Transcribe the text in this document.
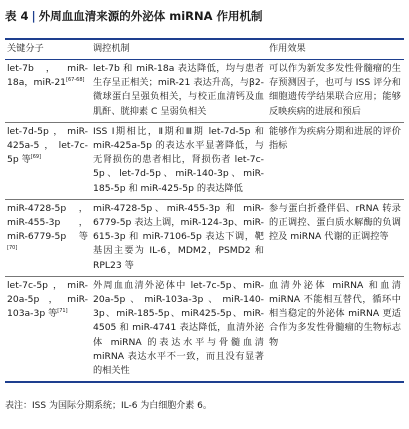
表 4 | 外周血血清来源的外泌体 miRNA 作用机制
关键分子	调控机制	作用效果
let-7b，miR-18a，miR-21[67-68]	let-7b 和 miR-18a 表达降低，均与患者生存呈正相关；miR-21 表达升高，与β2- 微球蛋白呈强负相关，与校正血清钙及血肌酐、胱抑素 C 呈弱负相关	可以作为新发多发性骨髓瘤的生存预测因子，也可与 ISS 评分和细胞遗传学结果联合应用；能够反映疾病的进展和预后
let-7d-5p，miR-425a-5，let-7c-5p 等[69]	ISS Ⅰ期相比，Ⅱ期和Ⅲ期 let-7d-5p 和 miR-425a-5p 的表达水平显著降低，与无肾损伤的患者相比，肾损伤者 let-7c-5p、let-7d-5p、miR-140-3p、miR-185-5p 和 miR-425-5p 的表达降低	能够作为疾病分期和进展的评价指标
miR-4728-5p，miR-455-3p，miR-6779-5p 等[70]	miR-4728-5p、miR-455-3p 和 miR-6779-5p 表达上调，miR-124-3p、miR-615-3p 和 miR-7106-5p 表达下调，靶基因主要为 IL-6，MDM2，PSMD2 和 RPL23 等	参与蛋白折叠伴侣、rRNA 转录的正调控、蛋白质水解酶的负调控及 miRNA 代谢的正调控等
let-7c-5p，miR-20a-5p，miR-103a-3p 等[71]	外周血血清外泌体中 let-7c-5p、miR-20a-5p、miR-103a-3p、miR-140-3p、miR-185-5p、miR425-5p、miR-4505 和 miR-4741 表达降低，血清外泌体 miRNA 的表达水平与骨髓血清 miRNA 表达水平不一致，而且没有显著的相关性	血清外泌体 miRNA 和血清 miRNA 不能相互替代，循环中相当稳定的外泌体 miRNA 更适合作为多发性骨髓瘤的生物标志物
表注：ISS 为国际分期系统；IL-6 为白细胞介素 6。
